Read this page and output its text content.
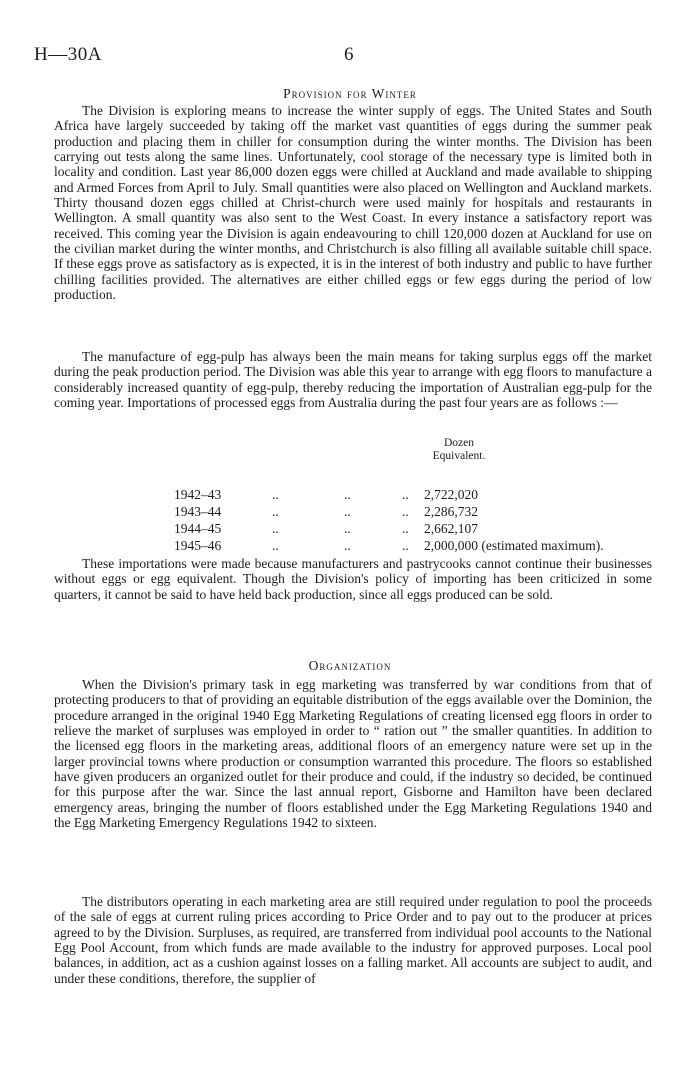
H—30A	6
Provision for Winter

The Division is exploring means to increase the winter supply of eggs. The United States and South Africa have largely succeeded by taking off the market vast quantities of eggs during the summer peak production and placing them in chiller for consumption during the winter months. The Division has been carrying out tests along the same lines. Unfortunately, cool storage of the necessary type is limited both in locality and condition. Last year 86,000 dozen eggs were chilled at Auckland and made available to shipping and Armed Forces from April to July. Small quantities were also placed on Wellington and Auckland markets. Thirty thousand dozen eggs chilled at Christ-church were used mainly for hospitals and restaurants in Wellington. A small quantity was also sent to the West Coast. In every instance a satisfactory report was received. This coming year the Division is again endeavouring to chill 120,000 dozen at Auckland for use on the civilian market during the winter months, and Christchurch is also filling all available suitable chill space. If these eggs prove as satisfactory as is expected, it is in the interest of both industry and public to have further chilling facilities provided. The alternatives are either chilled eggs or few eggs during the period of low production.

The manufacture of egg-pulp has always been the main means for taking surplus eggs off the market during the peak production period. The Division was able this year to arrange with egg floors to manufacture a considerably increased quantity of egg-pulp, thereby reducing the importation of Australian egg-pulp for the coming year. Importations of processed eggs from Australia during the past four years are as follows :—

Dozen
Equivalent.
1942–43	..	..	.. 2,722,020
1943–44	..	..	.. 2,286,732
1944–45	..	..	.. 2,662,107
1945–46	..	..	.. 2,000,000 (estimated maximum).

These importations were made because manufacturers and pastrycooks cannot continue their businesses without eggs or egg equivalent. Though the Division's policy of importing has been criticized in some quarters, it cannot be said to have held back production, since all eggs produced can be sold.

Organization

When the Division's primary task in egg marketing was transferred by war conditions from that of protecting producers to that of providing an equitable distribution of the eggs available over the Dominion, the procedure arranged in the original 1940 Egg Marketing Regulations of creating licensed egg floors in order to relieve the market of surpluses was employed in order to “ ration out ” the smaller quantities. In addition to the licensed egg floors in the marketing areas, additional floors of an emergency nature were set up in the larger provincial towns where production or consumption warranted this procedure. The floors so established have given producers an organized outlet for their produce and could, if the industry so decided, be continued for this purpose after the war. Since the last annual report, Gisborne and Hamilton have been declared emergency areas, bringing the number of floors established under the Egg Marketing Regulations 1940 and the Egg Marketing Emergency Regulations 1942 to sixteen.

The distributors operating in each marketing area are still required under regulation to pool the proceeds of the sale of eggs at current ruling prices according to Price Order and to pay out to the producer at prices agreed to by the Division. Surpluses, as required, are transferred from individual pool accounts to the National Egg Pool Account, from which funds are made available to the industry for approved purposes. Local pool balances, in addition, act as a cushion against losses on a falling market. All accounts are subject to audit, and under these conditions, therefore, the supplier of
